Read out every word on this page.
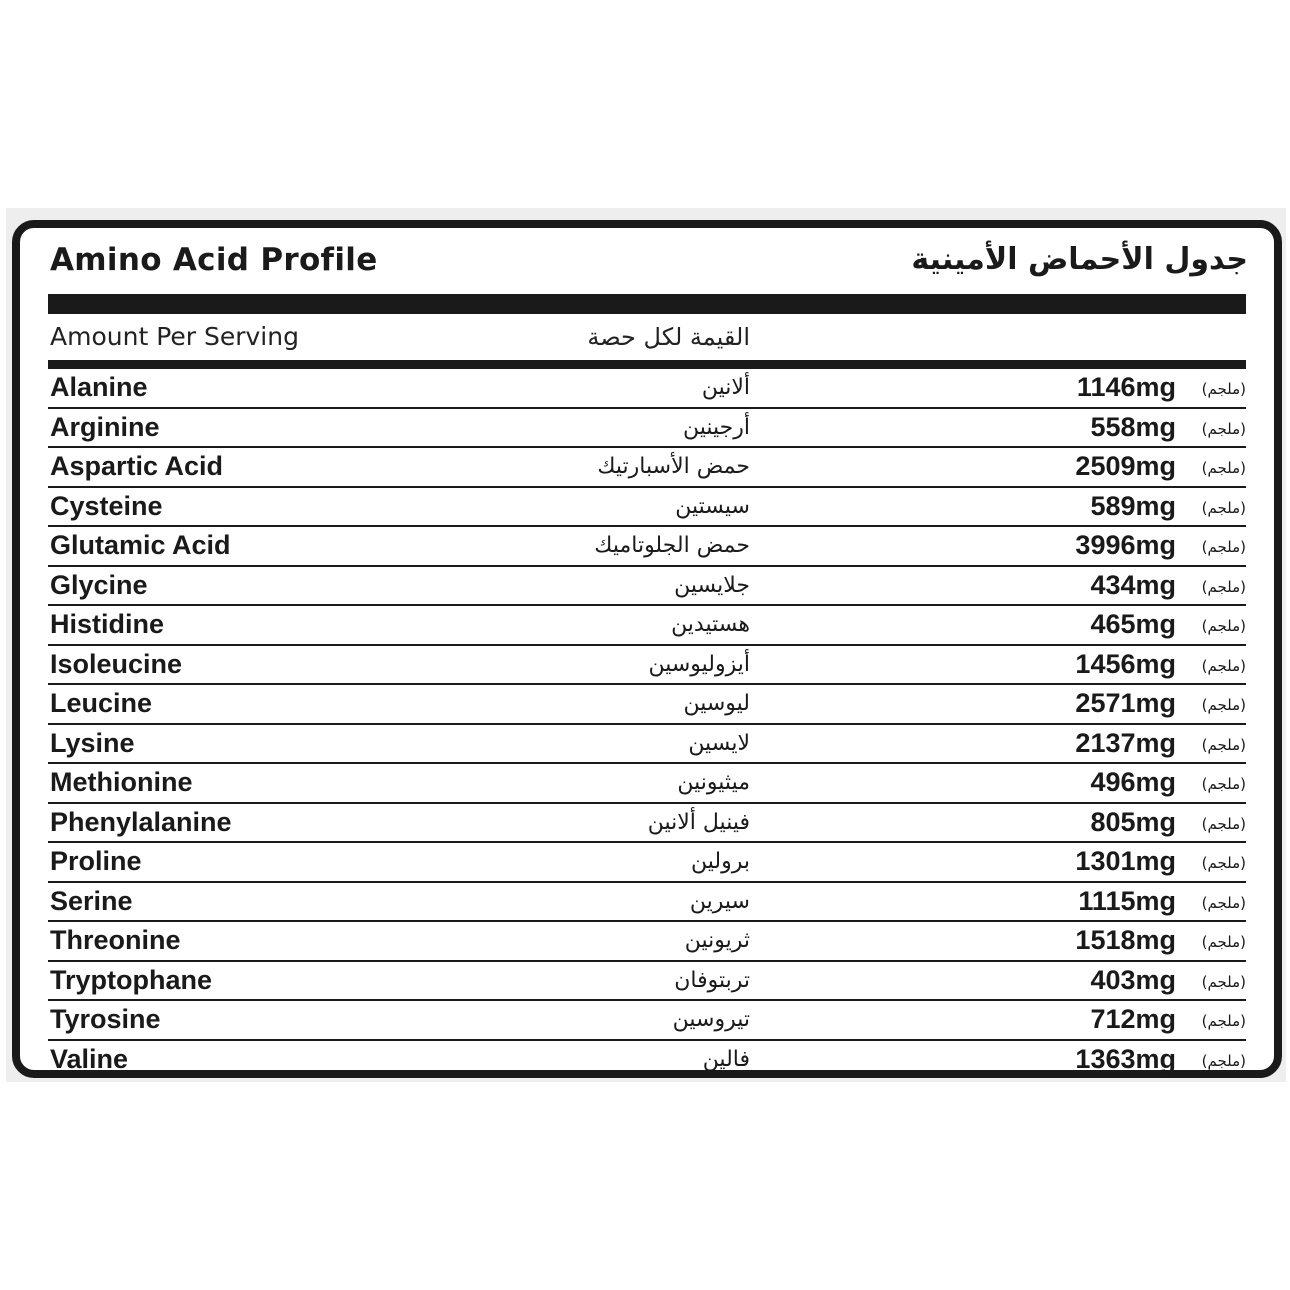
Amino Acid Profile	جدول الأحماض الأمينية
Amount Per Serving	القيمة لكل حصة
Alanine	ألانين	1146mg (ملجم)
Arginine	أرجينين	558mg (ملجم)
Aspartic Acid	حمض الأسبارتيك	2509mg (ملجم)
Cysteine	سيستين	589mg (ملجم)
Glutamic Acid	حمض الجلوتاميك	3996mg (ملجم)
Glycine	جلايسين	434mg (ملجم)
Histidine	هستيدين	465mg (ملجم)
Isoleucine	أيزوليوسين	1456mg (ملجم)
Leucine	ليوسين	2571mg (ملجم)
Lysine	لايسين	2137mg (ملجم)
Methionine	ميثيونين	496mg (ملجم)
Phenylalanine	فينيل ألانين	805mg (ملجم)
Proline	برولين	1301mg (ملجم)
Serine	سيرين	1115mg (ملجم)
Threonine	ثريونين	1518mg (ملجم)
Tryptophane	تربتوفان	403mg (ملجم)
Tyrosine	تيروسين	712mg (ملجم)
Valine	فالين	1363mg (ملجم)
